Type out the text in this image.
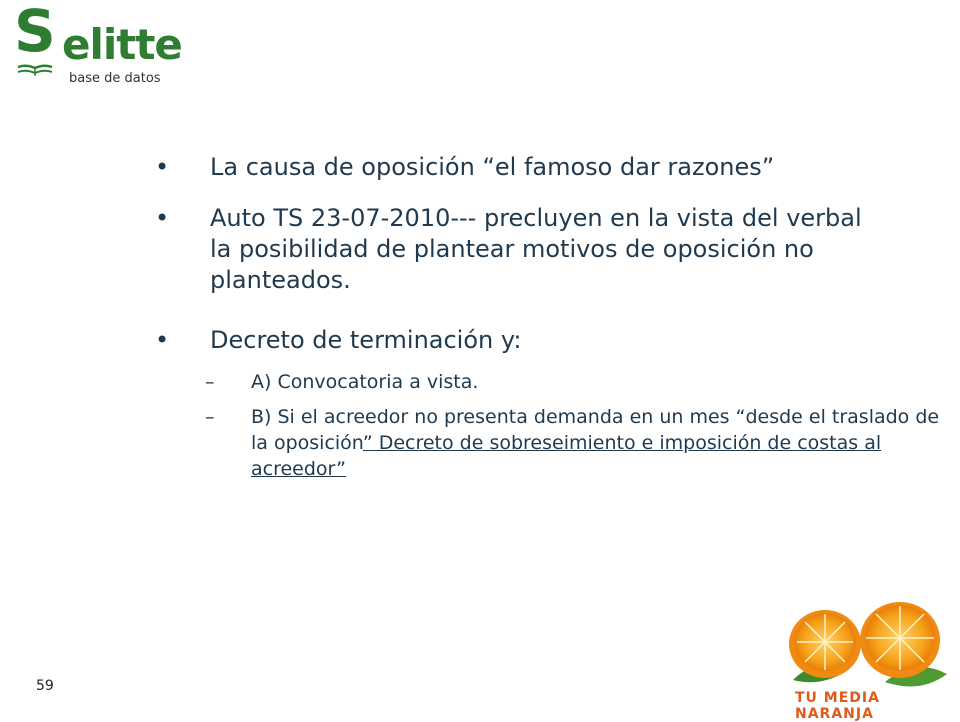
S elitte
base de datos
• La causa de oposición “el famoso dar razones”
• Auto TS 23-07-2010--- precluyen en la vista del verbal la posibilidad de plantear motivos de oposición no planteados.
• Decreto de terminación y:
– A) Convocatoria a vista.
– B) Si el acreedor no presenta demanda en un mes “desde el traslado de la oposición” Decreto de sobreseimiento e imposición de costas al acreedor”
59
TU MEDIA NARANJA
